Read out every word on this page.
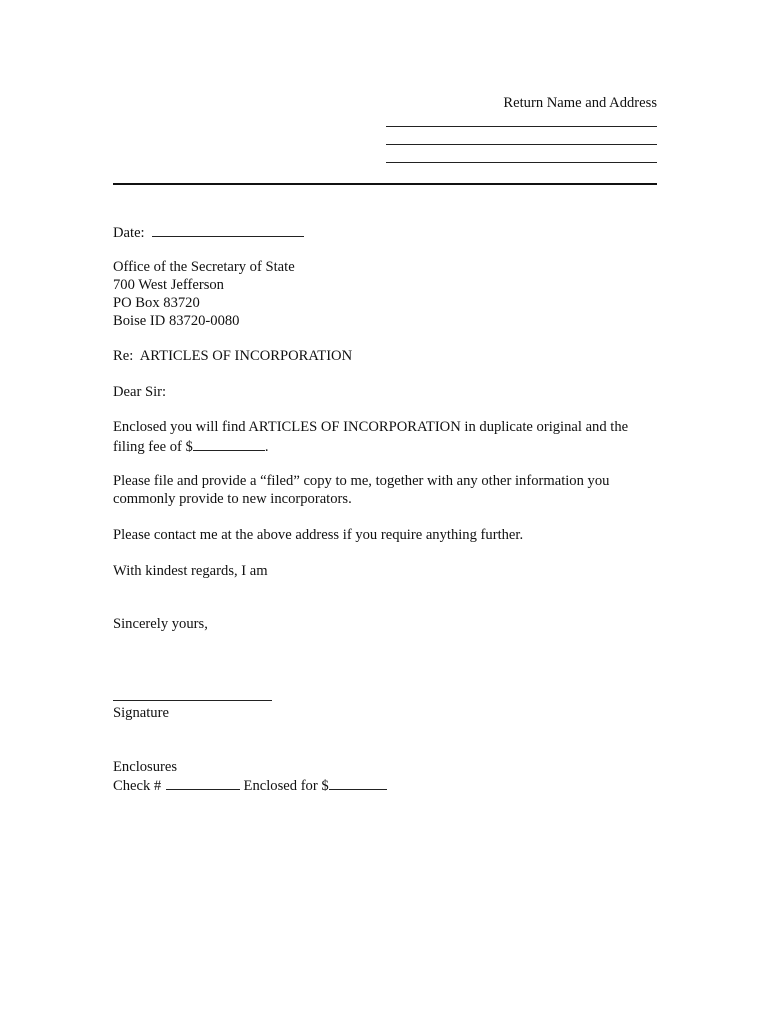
Return Name and Address
Date:
Office of the Secretary of State
700 West Jefferson
PO Box 83720
Boise ID 83720-0080
Re:  ARTICLES OF INCORPORATION
Dear Sir:
Enclosed you will find ARTICLES OF INCORPORATION in duplicate original and the
filing fee of $	.
Please file and provide a “filed” copy to me, together with any other information you
commonly provide to new incorporators.
Please contact me at the above address if you require anything further.
With kindest regards, I am
Sincerely yours,
Signature
Enclosures
Check #	Enclosed for $
